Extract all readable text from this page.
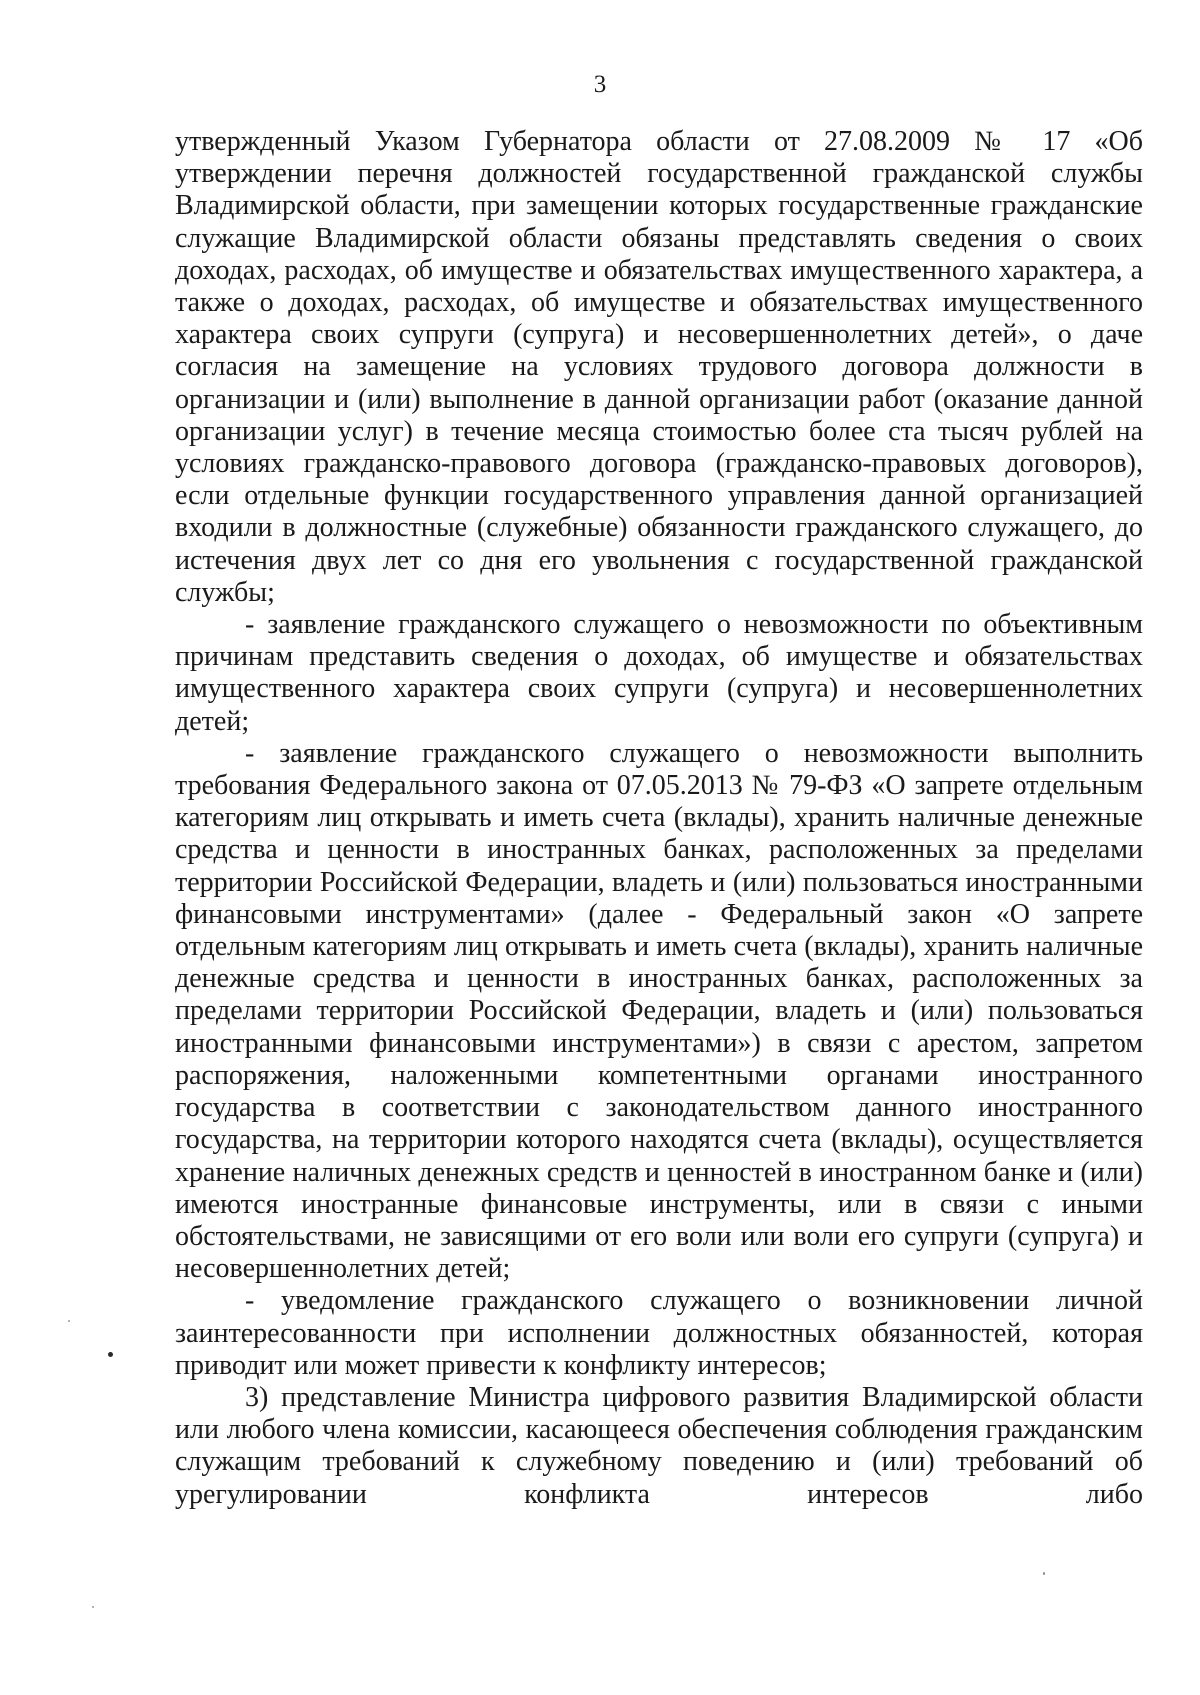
3

утвержденный Указом Губернатора области от 27.08.2009 № 17 «Об утверждении перечня должностей государственной гражданской службы Владимирской области, при замещении которых государственные гражданские служащие Владимирской области обязаны представлять сведения о своих доходах, расходах, об имуществе и обязательствах имущественного характера, а также о доходах, расходах, об имуществе и обязательствах имущественного характера своих супруги (супруга) и несовершеннолетних детей», о даче согласия на замещение на условиях трудового договора должности в организации и (или) выполнение в данной организации работ (оказание данной организации услуг) в течение месяца стоимостью более ста тысяч рублей на условиях гражданско-правового договора (гражданско-правовых договоров), если отдельные функции государственного управления данной организацией входили в должностные (служебные) обязанности гражданского служащего, до истечения двух лет со дня его увольнения с государственной гражданской службы;

- заявление гражданского служащего о невозможности по объективным причинам представить сведения о доходах, об имуществе и обязательствах имущественного характера своих супруги (супруга) и несовершеннолетних детей;

- заявление гражданского служащего о невозможности выполнить требования Федерального закона от 07.05.2013 № 79-ФЗ «О запрете отдельным категориям лиц открывать и иметь счета (вклады), хранить наличные денежные средства и ценности в иностранных банках, расположенных за пределами территории Российской Федерации, владеть и (или) пользоваться иностранными финансовыми инструментами» (далее - Федеральный закон «О запрете отдельным категориям лиц открывать и иметь счета (вклады), хранить наличные денежные средства и ценности в иностранных банках, расположенных за пределами территории Российской Федерации, владеть и (или) пользоваться иностранными финансовыми инструментами») в связи с арестом, запретом распоряжения, наложенными компетентными органами иностранного государства в соответствии с законодательством данного иностранного государства, на территории которого находятся счета (вклады), осуществляется хранение наличных денежных средств и ценностей в иностранном банке и (или) имеются иностранные финансовые инструменты, или в связи с иными обстоятельствами, не зависящими от его воли или воли его супруги (супруга) и несовершеннолетних детей;

- уведомление гражданского служащего о возникновении личной заинтересованности при исполнении должностных обязанностей, которая приводит или может привести к конфликту интересов;

3) представление Министра цифрового развития Владимирской области или любого члена комиссии, касающееся обеспечения соблюдения гражданским служащим требований к служебному поведению и (или) требований об урегулировании конфликта интересов либо
